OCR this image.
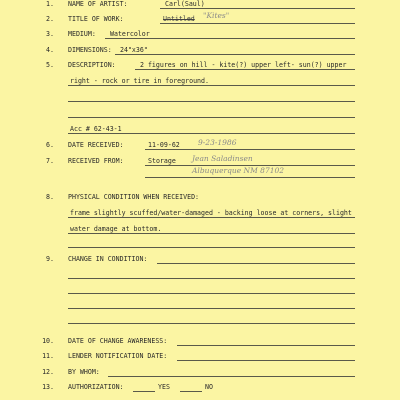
1. NAME OF ARTIST:	Carl(Saul)
2. TITLE OF WORK:	Untitled "Kites"
3. MEDIUM: Watercolor
4. DIMENSIONS: 24"x36"
5. DESCRIPTION:	2 figures on hill - kite(?) upper left- sun(?) upper
right - rock or tire in foreground.
Acc # 62-43-1
6. DATE RECEIVED:	11-09-62 9-23-1986
7. RECEIVED FROM:	Storage Jean Saladinsen
Albuquerque NM 87102
8. PHYSICAL CONDITION WHEN RECEIVED:
frame slightly scuffed/water-damaged - backing loose at corners, slight
water damage at bottom.
9. CHANGE IN CONDITION:
10. DATE OF CHANGE AWARENESS:
11. LENDER NOTIFICATION DATE:
12. BY WHOM:
13. AUTHORIZATION:	YES	NO
